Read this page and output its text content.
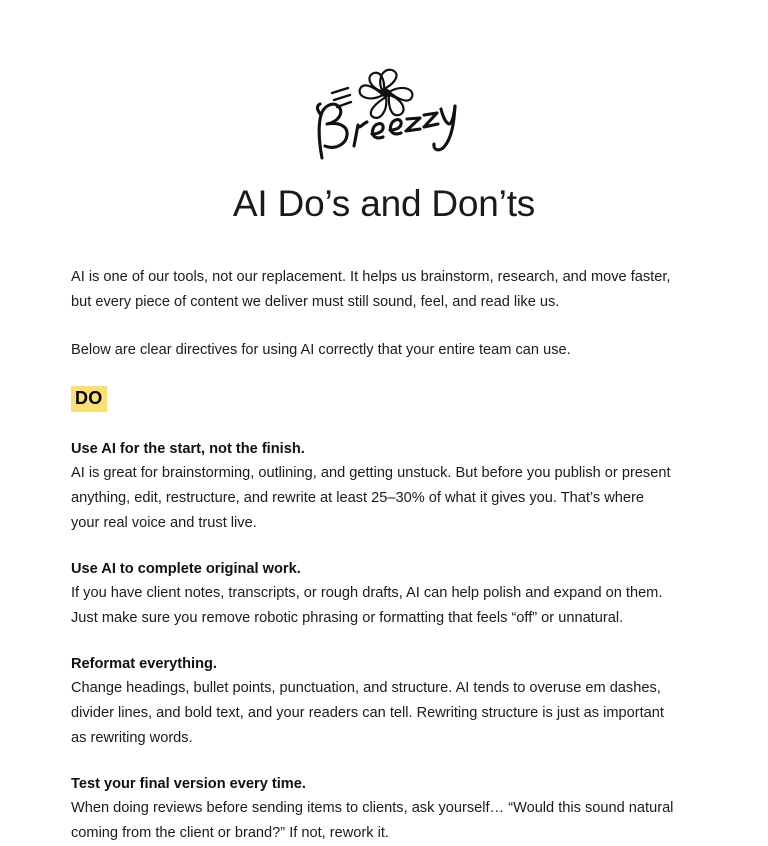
AI Do’s and Don’ts

AI is one of our tools, not our replacement. It helps us brainstorm, research, and move faster, but every piece of content we deliver must still sound, feel, and read like us.

Below are clear directives for using AI correctly that your entire team can use.

DO

Use AI for the start, not the finish.

AI is great for brainstorming, outlining, and getting unstuck. But before you publish or present anything, edit, restructure, and rewrite at least 25–30% of what it gives you. That’s where your real voice and trust live.

Use AI to complete original work.

If you have client notes, transcripts, or rough drafts, AI can help polish and expand on them. Just make sure you remove robotic phrasing or formatting that feels “off” or unnatural.

Reformat everything.

Change headings, bullet points, punctuation, and structure. AI tends to overuse em dashes, divider lines, and bold text, and your readers can tell. Rewriting structure is just as important as rewriting words.

Test your final version every time.

When doing reviews before sending items to clients, ask yourself… “Would this sound natural coming from the client or brand?” If not, rework it.
